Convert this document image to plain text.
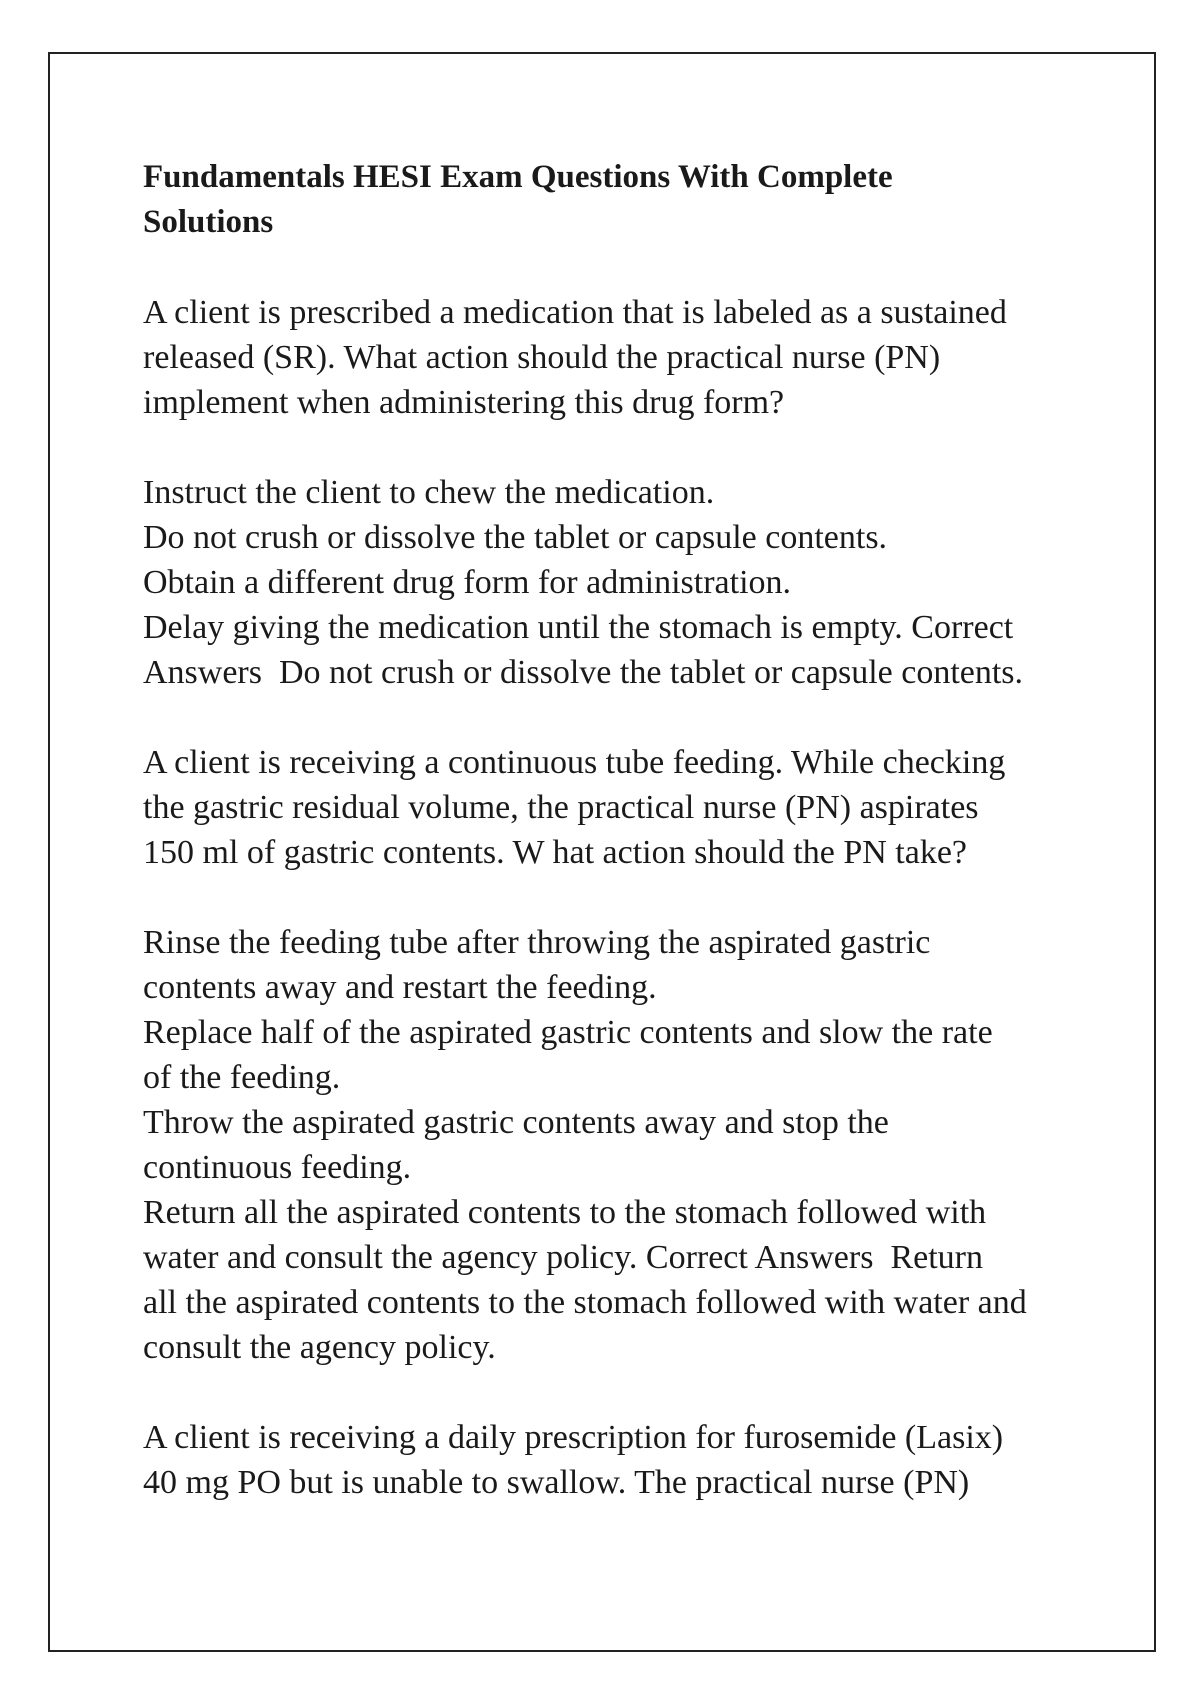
Fundamentals HESI Exam Questions With Complete
Solutions
A client is prescribed a medication that is labeled as a sustained
released (SR). What action should the practical nurse (PN)
implement when administering this drug form?
Instruct the client to chew the medication.
Do not crush or dissolve the tablet or capsule contents.
Obtain a different drug form for administration.
Delay giving the medication until the stomach is empty. Correct
Answers  Do not crush or dissolve the tablet or capsule contents.
A client is receiving a continuous tube feeding. While checking
the gastric residual volume, the practical nurse (PN) aspirates
150 ml of gastric contents. W hat action should the PN take?
Rinse the feeding tube after throwing the aspirated gastric
contents away and restart the feeding.
Replace half of the aspirated gastric contents and slow the rate
of the feeding.
Throw the aspirated gastric contents away and stop the
continuous feeding.
Return all the aspirated contents to the stomach followed with
water and consult the agency policy. Correct Answers  Return
all the aspirated contents to the stomach followed with water and
consult the agency policy.
A client is receiving a daily prescription for furosemide (Lasix)
40 mg PO but is unable to swallow. The practical nurse (PN)
